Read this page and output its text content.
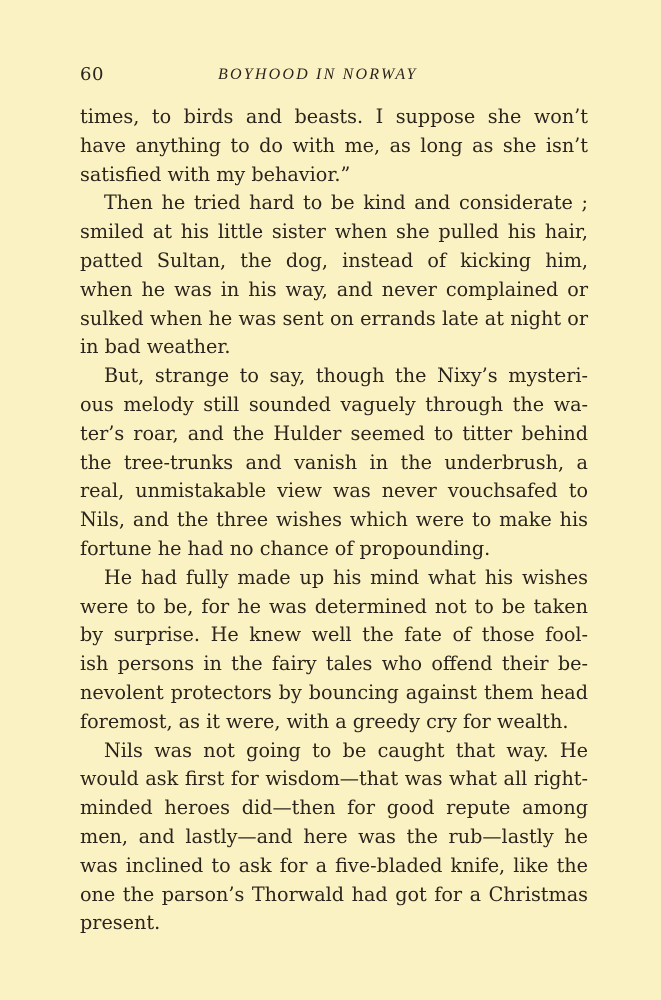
60	BOYHOOD IN NORWAY
times, to birds and beasts. I suppose she won’t
have anything to do with me, as long as she isn’t
satisfied with my behavior.”
Then he tried hard to be kind and considerate ;
smiled at his little sister when she pulled his hair,
patted Sultan, the dog, instead of kicking him,
when he was in his way, and never complained or
sulked when he was sent on errands late at night or
in bad weather.
But, strange to say, though the Nixy’s mysteri-
ous melody still sounded vaguely through the wa-
ter’s roar, and the Hulder seemed to titter behind
the tree-trunks and vanish in the underbrush, a
real, unmistakable view was never vouchsafed to
Nils, and the three wishes which were to make his
fortune he had no chance of propounding.
He had fully made up his mind what his wishes
were to be, for he was determined not to be taken
by surprise. He knew well the fate of those fool-
ish persons in the fairy tales who offend their be-
nevolent protectors by bouncing against them head
foremost, as it were, with a greedy cry for wealth.
Nils was not going to be caught that way. He
would ask first for wisdom—that was what all right-
minded heroes did—then for good repute among
men, and lastly—and here was the rub—lastly he
was inclined to ask for a five-bladed knife, like the
one the parson’s Thorwald had got for a Christmas
present.
